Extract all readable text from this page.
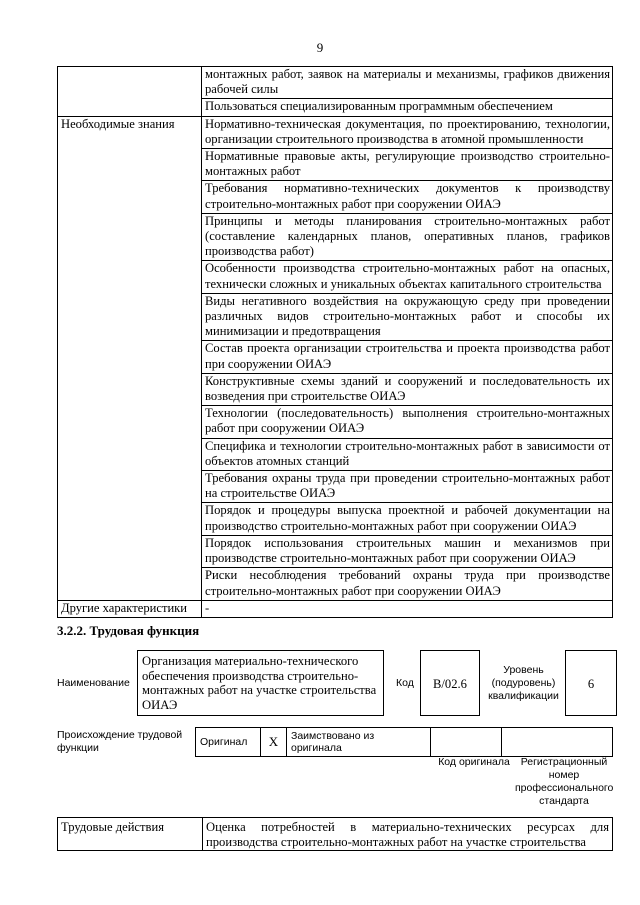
9
	монтажных работ, заявок на материалы и механизмы, графиков движения рабочей силы
	Пользоваться специализированным программным обеспечением
Необходимые знания	Нормативно-техническая документация, по проектированию, технологии, организации строительного производства в атомной промышленности
	Нормативные правовые акты, регулирующие производство строительно-монтажных работ
	Требования нормативно-технических документов к производству строительно-монтажных работ при сооружении ОИАЭ
	Принципы и методы планирования строительно-монтажных работ (составление календарных планов, оперативных планов, графиков производства работ)
	Особенности производства строительно-монтажных работ на опасных, технически сложных и уникальных объектах капитального строительства
	Виды негативного воздействия на окружающую среду при проведении различных видов строительно-монтажных работ и способы их минимизации и предотвращения
	Состав проекта организации строительства и проекта производства работ при сооружении ОИАЭ
	Конструктивные схемы зданий и сооружений и последовательность их возведения при строительстве ОИАЭ
	Технологии (последовательность) выполнения строительно-монтажных работ при сооружении ОИАЭ
	Специфика и технологии строительно-монтажных работ в зависимости от объектов атомных станций
	Требования охраны труда при проведении строительно-монтажных работ на строительстве ОИАЭ
	Порядок и процедуры выпуска проектной и рабочей документации на производство строительно-монтажных работ при сооружении ОИАЭ
	Порядок использования строительных машин и механизмов при производстве строительно-монтажных работ при сооружении ОИАЭ
	Риски несоблюдения требований охраны труда при производстве строительно-монтажных работ при сооружении ОИАЭ
Другие характеристики	-
3.2.2. Трудовая функция
Наименование
Организация материально-технического обеспечения производства строительно-монтажных работ на участке строительства ОИАЭ
Код	B/02.6
Уровень (подуровень) квалификации
6
Происхождение трудовой функции	Оригинал	X	Заимствовано из оригинала		
Код оригинала	Регистрационный номер профессионального стандарта
Трудовые действия	Оценка потребностей в материально-технических ресурсах для производства строительно-монтажных работ на участке строительства
